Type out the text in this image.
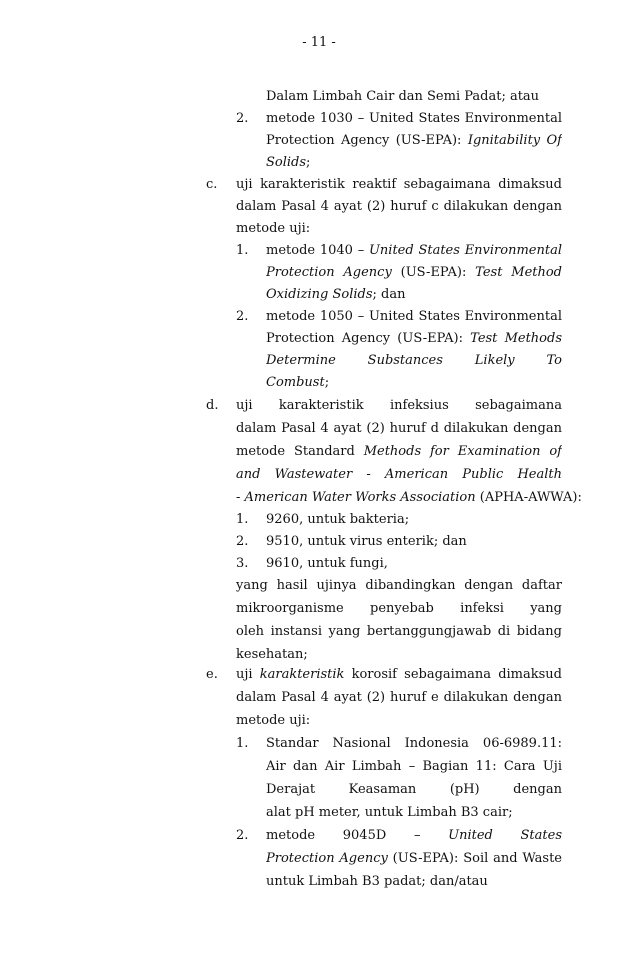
- 11 -
Dalam Limbah Cair dan Semi Padat; atau
2. metode 1030 – United States Environmental
Protection Agency (US-EPA): Ignitability Of
Solids;
c. uji karakteristik reaktif sebagaimana dimaksud
dalam Pasal 4 ayat (2) huruf c dilakukan dengan
metode uji:
1. metode 1040 – United States Environmental
Protection Agency (US-EPA): Test Method
Oxidizing Solids; dan
2. metode 1050 – United States Environmental
Protection Agency (US-EPA): Test Methods
Determine Substances Likely To
Combust;
d. uji karakteristik infeksius sebagaimana
dalam Pasal 4 ayat (2) huruf d dilakukan dengan
metode Standard Methods for Examination of
and Wastewater - American Public Health
- American Water Works Association (APHA-AWWA):
1. 9260, untuk bakteria;
2. 9510, untuk virus enterik; dan
3. 9610, untuk fungi,
yang hasil ujinya dibandingkan dengan daftar
mikroorganisme penyebab infeksi yang
oleh instansi yang bertanggungjawab di bidang
kesehatan;
e. uji karakteristik korosif sebagaimana dimaksud
dalam Pasal 4 ayat (2) huruf e dilakukan dengan
metode uji:
1. Standar Nasional Indonesia 06-6989.11:
Air dan Air Limbah – Bagian 11: Cara Uji
Derajat Keasaman (pH) dengan
alat pH meter, untuk Limbah B3 cair;
2. metode 9045D – United States
Protection Agency (US-EPA): Soil and Waste
untuk Limbah B3 padat; dan/atau
